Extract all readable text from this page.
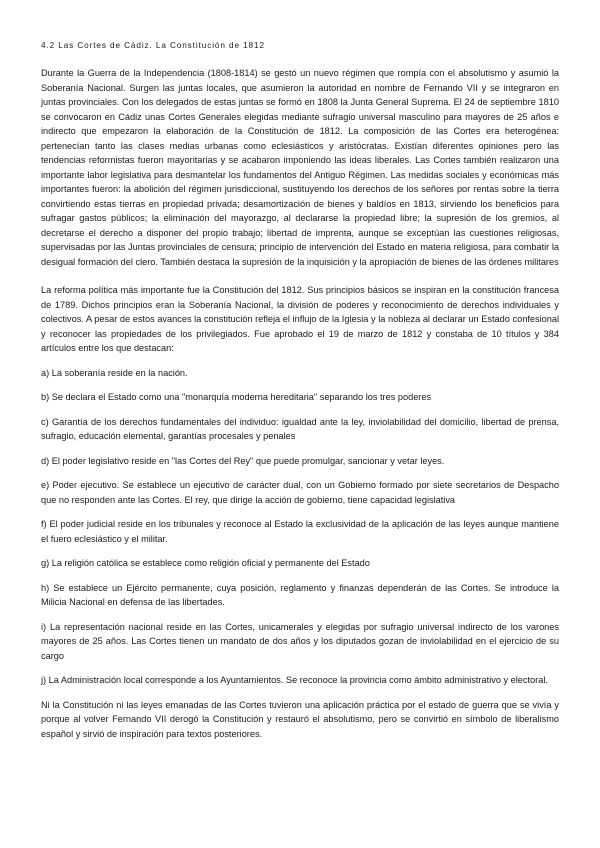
4.2 Las Cortes de Cádiz. La Constitución de 1812

Durante la Guerra de la Independencia (1808-1814) se gestó un nuevo régimen que rompía con el absolutismo y asumió la Soberanía Nacional. Surgen las juntas locales, que asumieron la autoridad en nombre de Fernando VII y se integraron en juntas provinciales. Con los delegados de estas juntas se formó en 1808 la Junta General Suprema. El 24 de septiembre 1810 se convocaron en Cádiz unas Cortes Generales elegidas mediante sufragio universal masculino para mayores de 25 años e indirecto que empezaron la elaboración de la Constitución de 1812. La composición de las Cortes era heterogénea: pertenecían tanto las clases medias urbanas como eclesiásticos y aristócratas. Existían diferentes opiniones pero las tendencias reformistas fueron mayoritarias y se acabaron imponiendo las ideas liberales. Las Cortes también realizaron una importante labor legislativa para desmantelar los fundamentos del Antiguo Régimen. Las medidas sociales y económicas más importantes fueron: la abolición del régimen jurisdiccional, sustituyendo los derechos de los señores por rentas sobre la tierra convirtiendo estas tierras en propiedad privada; desamortización de bienes y baldíos en 1813, sirviendo los beneficios para sufragar gastos públicos; la eliminación del mayorazgo, al declararse la propiedad libre; la supresión de los gremios, al decretarse el derecho a disponer del propio trabajo; libertad de imprenta, aunque se exceptúan las cuestiones religiosas, supervisadas por las Juntas provinciales de censura; principio de intervención del Estado en materia religiosa, para combatir la desigual formación del clero. También destaca la supresión de la inquisición y la apropiación de bienes de las órdenes militares

La reforma política más importante fue la Constitución del 1812. Sus principios básicos se inspiran en la constitución francesa de 1789. Dichos principios eran la Soberanía Nacional, la división de poderes y reconocimiento de derechos individuales y colectivos. A pesar de estos avances la constitución refleja el influjo de la Iglesia y la nobleza al declarar un Estado confesional y reconocer las propiedades de los privilegiados. Fue aprobado el 19 de marzo de 1812 y constaba de 10 títulos y 384 artículos entre los que destacan:

a) La soberanía reside en la nación.

b) Se declara el Estado como una "monarquía moderna hereditaria" separando los tres poderes

c) Garantía de los derechos fundamentales del individuo: igualdad ante la ley, inviolabilidad del domicilio, libertad de prensa, sufragio, educación elemental, garantías procesales y penales

d) El poder legislativo reside en "las Cortes del Rey" que puede promulgar, sancionar y vetar leyes.

e) Poder ejecutivo. Se establece un ejecutivo de carácter dual, con un Gobierno formado por siete secretarios de Despacho que no responden ante las Cortes. El rey, que dirige la acción de gobierno, tiene capacidad legislativa

f) El poder judicial reside en los tribunales y reconoce al Estado la exclusividad de la aplicación de las leyes aunque mantiene el fuero eclesiástico y el militar.

g) La religión católica se establece como religión oficial y permanente del Estado

h) Se establece un Ejército permanente, cuya posición, reglamento y finanzas dependerán de las Cortes. Se introduce la Milicia Nacional en defensa de las libertades.

i) La representación nacional reside en las Cortes, unicamerales y elegidas por sufragio universal indirecto de los varones mayores de 25 años. Las Cortes tienen un mandato de dos años y los diputados gozan de inviolabilidad en el ejercicio de su cargo

j) La Administración local corresponde a los Ayuntamientos. Se reconoce la provincia como ámbito administrativo y electoral.

Ni la Constitución ni las leyes emanadas de las Cortes tuvieron una aplicación práctica por el estado de guerra que se vivía y porque al volver Fernando VII derogó la Constitución y restauró el absolutismo, pero se convirtió en símbolo de liberalismo español y sirvió de inspiración para textos posteriores.
